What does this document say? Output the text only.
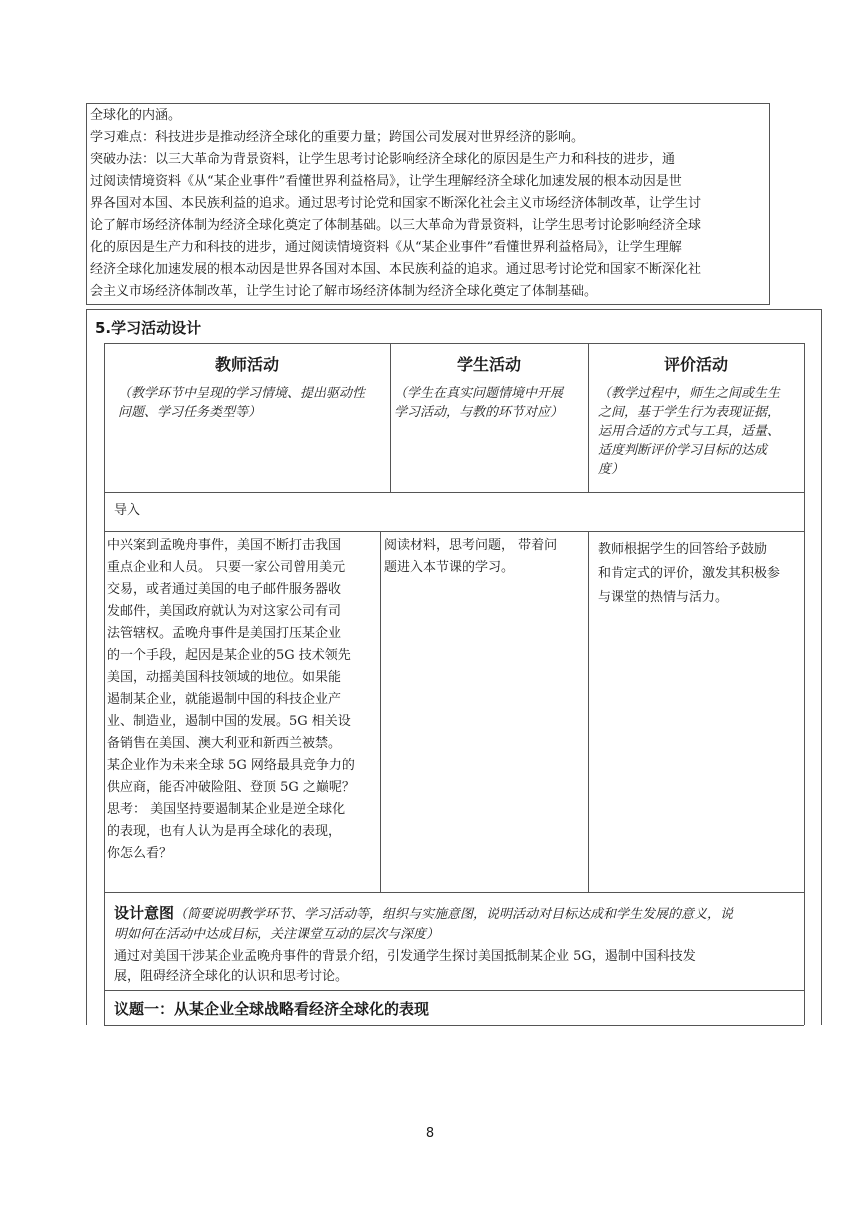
全球化的内涵。
学习难点：科技进步是推动经济全球化的重要力量；跨国公司发展对世界经济的影响。
突破办法：以三大革命为背景资料，让学生思考讨论影响经济全球化的原因是生产力和科技的进步，通
过阅读情境资料《从“某企业事件”看懂世界利益格局》，让学生理解经济全球化加速发展的根本动因是世
界各国对本国、本民族利益的追求。通过思考讨论党和国家不断深化社会主义市场经济体制改革，让学生讨
论了解市场经济体制为经济全球化奠定了体制基础。以三大革命为背景资料，让学生思考讨论影响经济全球
化的原因是生产力和科技的进步，通过阅读情境资料《从“某企业事件”看懂世界利益格局》，让学生理解
经济全球化加速发展的根本动因是世界各国对本国、本民族利益的追求。通过思考讨论党和国家不断深化社
会主义市场经济体制改革，让学生讨论了解市场经济体制为经济全球化奠定了体制基础。
5.学习活动设计
教师活动	学生活动	评价活动
（教学环节中呈现的学习情境、提出驱动性
问题、学习任务类型等）
（学生在真实问题情境中开展
学习活动，与教的环节对应）
（教学过程中，师生之间或生生
之间，基于学生行为表现证据，
运用合适的方式与工具，适量、
适度判断评价学习目标的达成
度）
导入
中兴案到孟晚舟事件，美国不断打击我国
重点企业和人员。 只要一家公司曾用美元
交易，或者通过美国的电子邮件服务器收
发邮件，美国政府就认为对这家公司有司
法管辖权。孟晚舟事件是美国打压某企业
的一个手段，起因是某企业的5G 技术领先
美国，动摇美国科技领域的地位。如果能
遏制某企业，就能遏制中国的科技企业产
业、制造业，遏制中国的发展。5G 相关设
备销售在美国、澳大利亚和新西兰被禁。
某企业作为未来全球 5G 网络最具竞争力的
供应商，能否冲破险阻、登顶 5G 之巅呢？
思考： 美国坚持要遏制某企业是逆全球化
的表现，也有人认为是再全球化的表现，
你怎么看？
阅读材料，思考问题， 带着问
题进入本节课的学习。
教师根据学生的回答给予鼓励
和肯定式的评价，激发其积极参
与课堂的热情与活力。
设计意图（简要说明教学环节、学习活动等，组织与实施意图，说明活动对目标达成和学生发展的意义，说
明如何在活动中达成目标，关注课堂互动的层次与深度）
通过对美国干涉某企业孟晚舟事件的背景介绍，引发通学生探讨美国抵制某企业 5G，遏制中国科技发
展，阻碍经济全球化的认识和思考讨论。
议题一：从某企业全球战略看经济全球化的表现
8
